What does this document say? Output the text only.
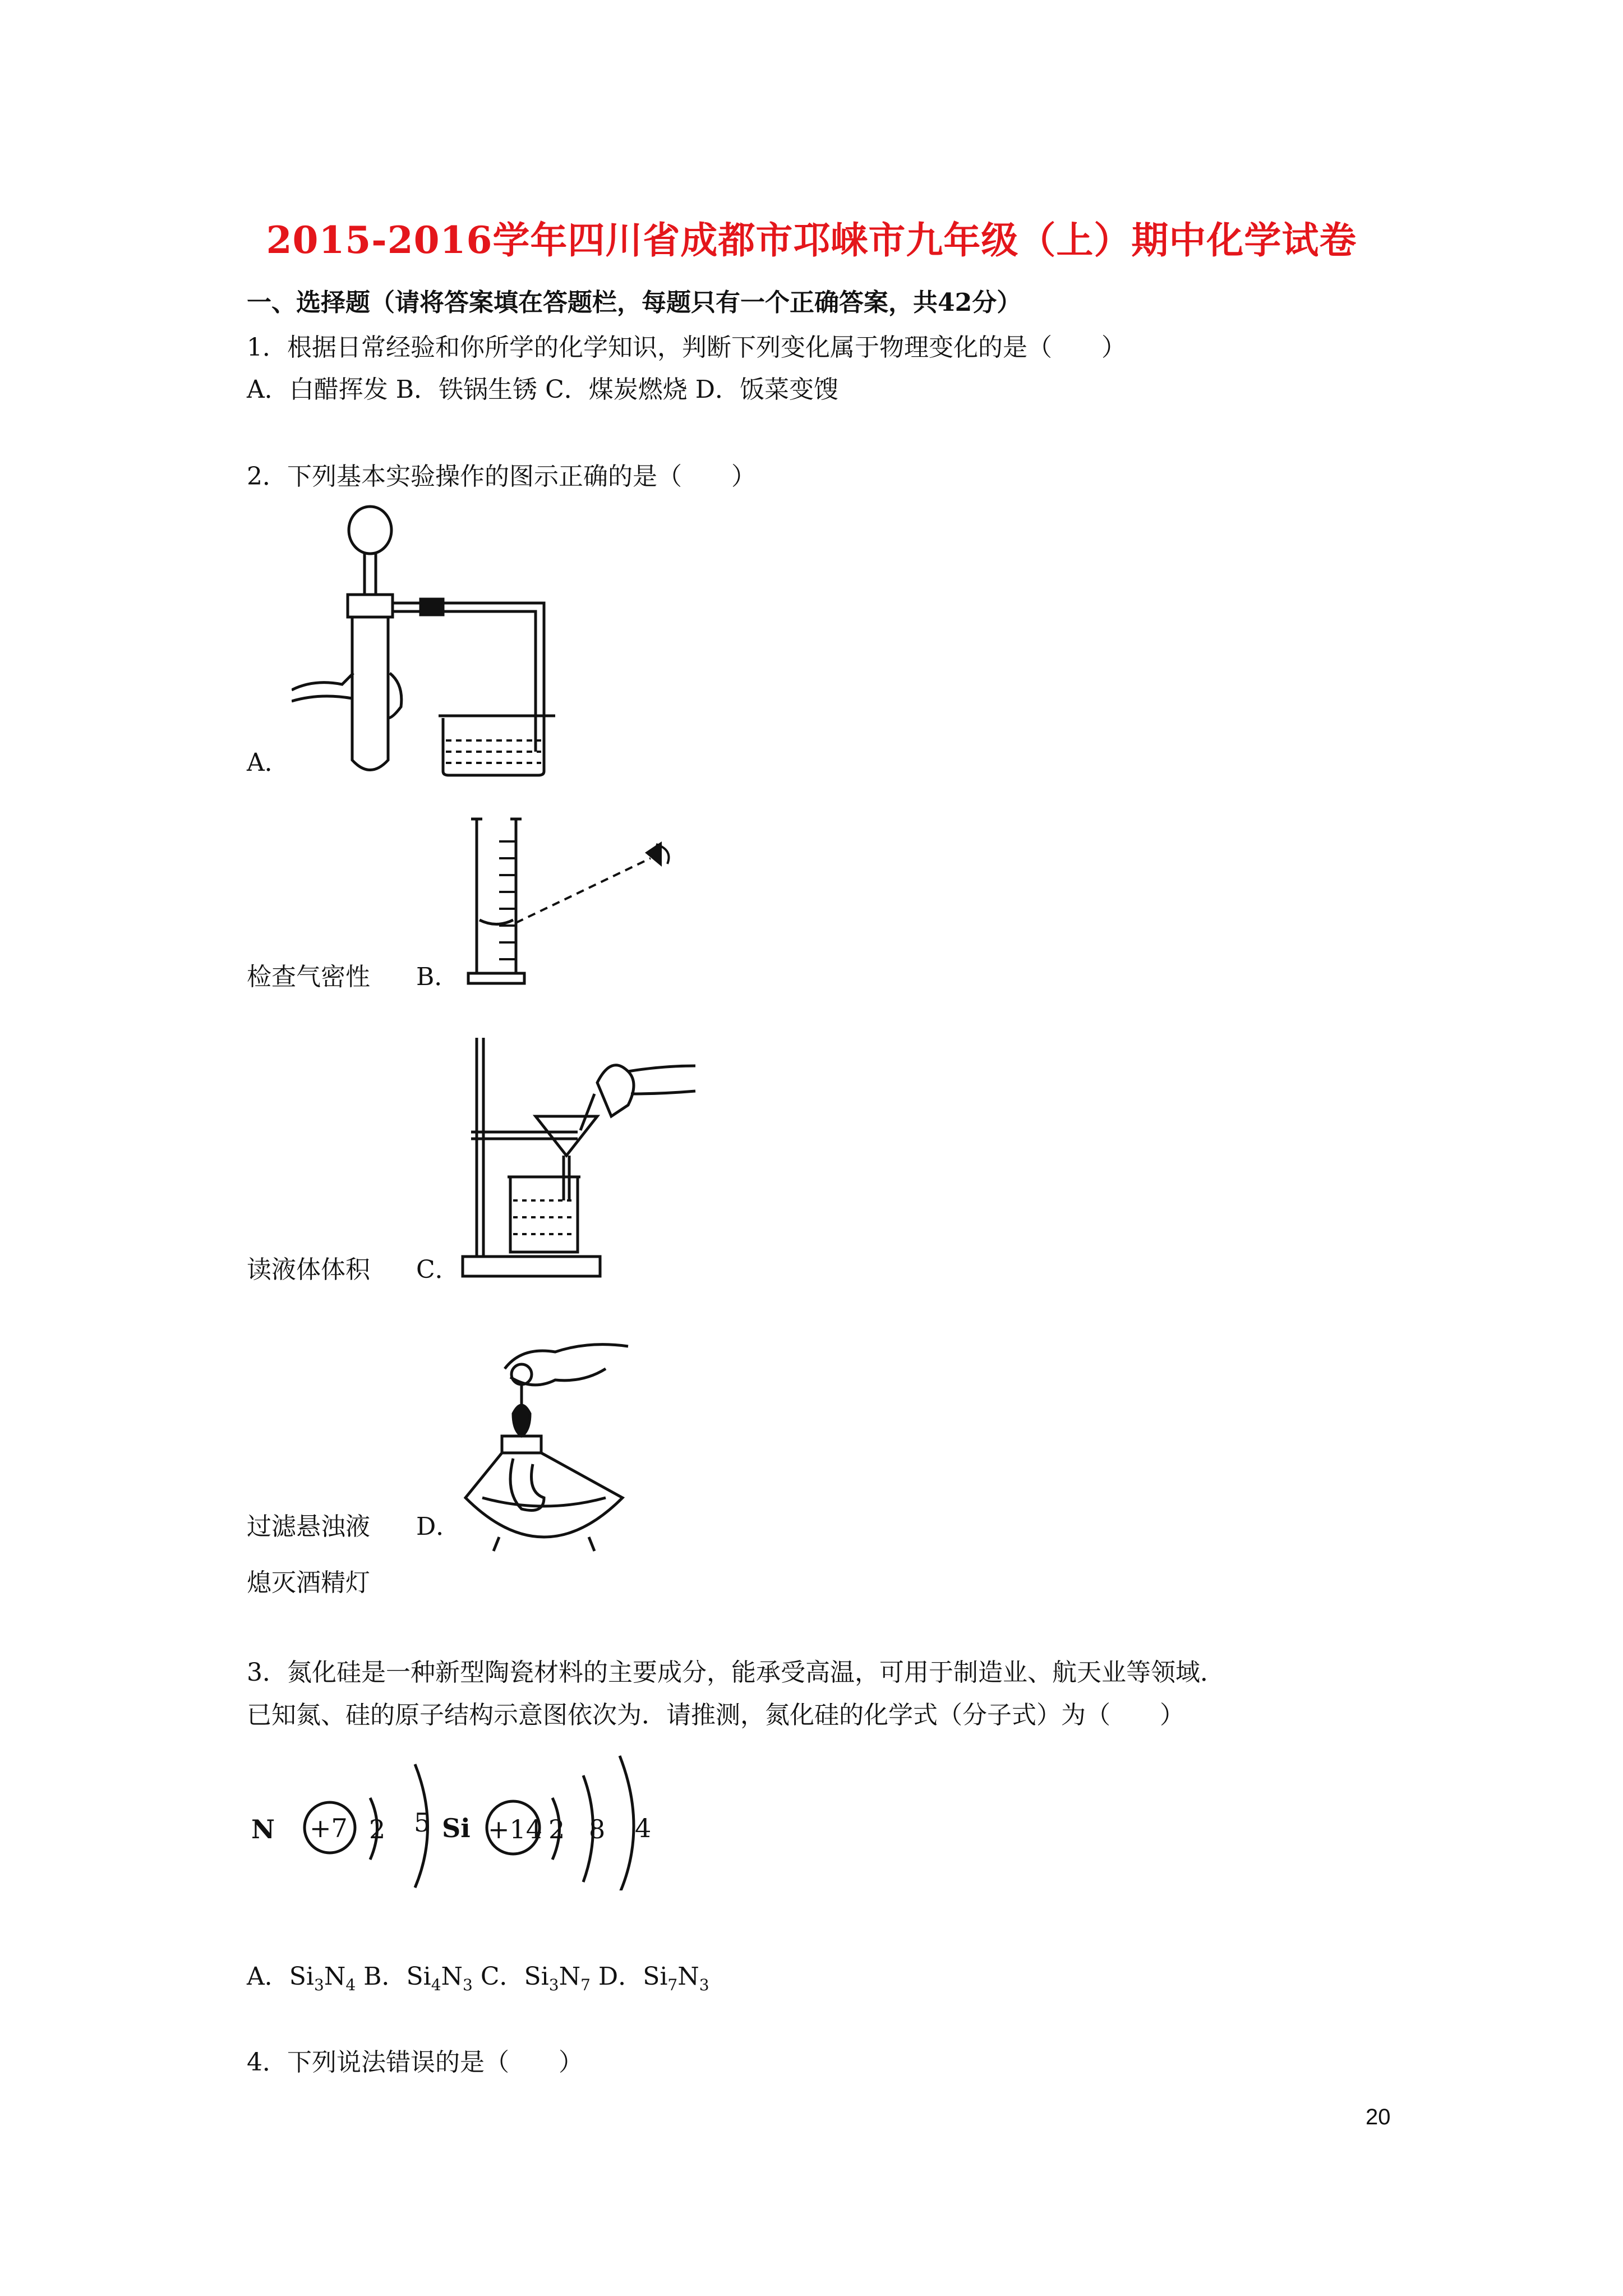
2015-2016学年四川省成都市邛崃市九年级（上）期中化学试卷
一、选择题（请将答案填在答题栏，每题只有一个正确答案，共42分）
1．根据日常经验和你所学的化学知识，判断下列变化属于物理变化的是（　　）
A．白醋挥发 B．铁锅生锈 C．煤炭燃烧 D．饭菜变馊
2．下列基本实验操作的图示正确的是（　　）
A．
检查气密性 B．
读液体体积 C．
过滤悬浊液 D．
熄灭酒精灯
3．氮化硅是一种新型陶瓷材料的主要成分，能承受高温，可用于制造业、航天业等领域．
已知氮、硅的原子结构示意图依次为．请推测，氮化硅的化学式（分子式）为（　　）
N +7 2 5 Si +14 2 8 4
A．$Si_3N_4$ B．$Si_4N_3$ C．$Si_3N_7$ D．$Si_7N_3$
4．下列说法错误的是（　　）
20
